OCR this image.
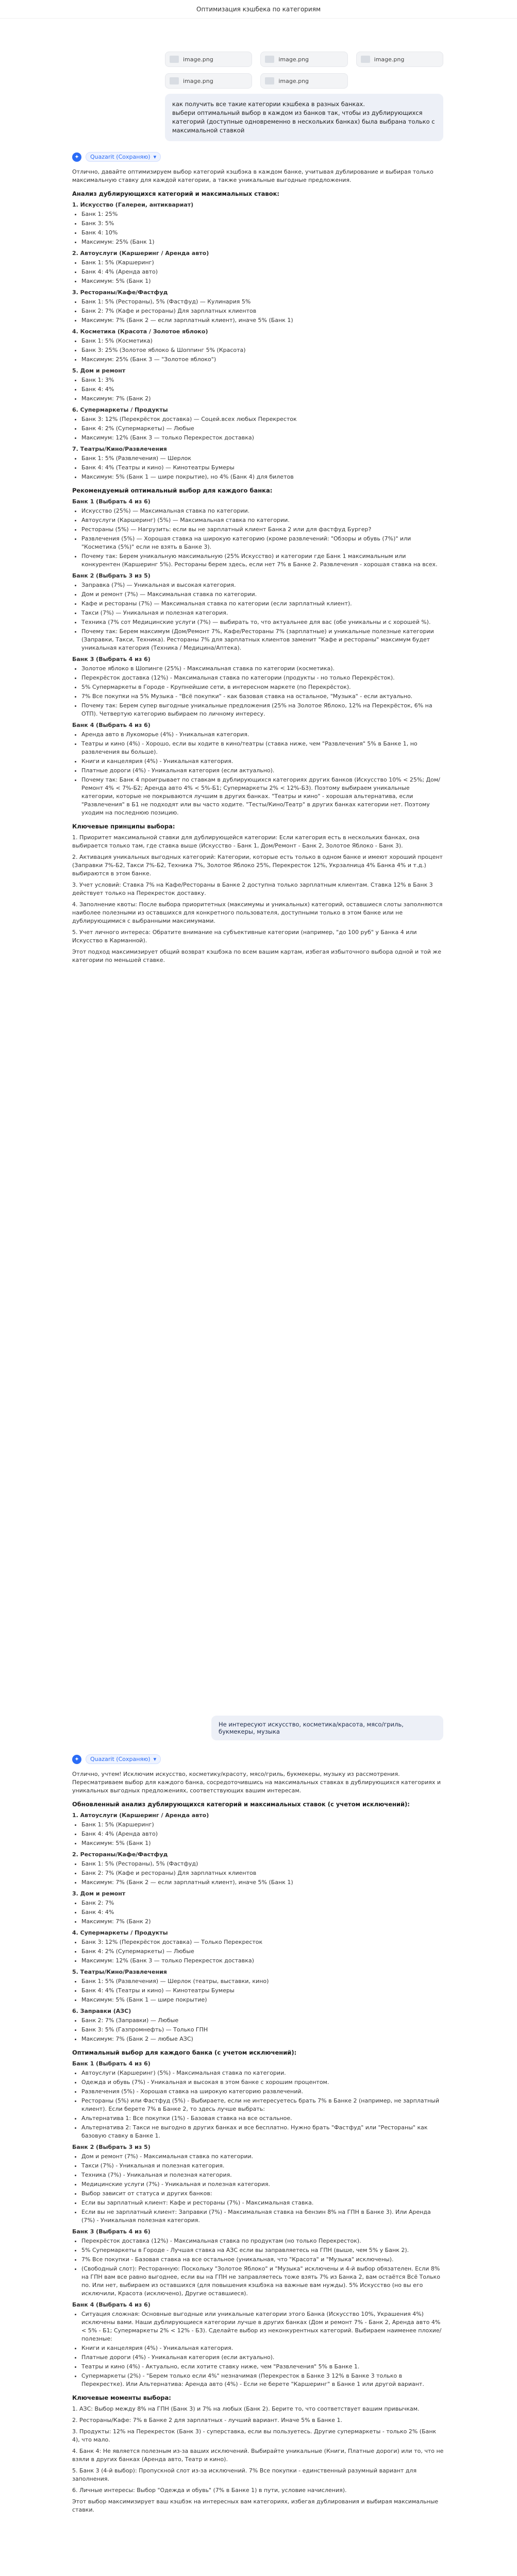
Оптимизация кэшбека по категориям
image.png	image.png	image.png
image.png	image.png
как получить все такие категории кэшбека в разных банках.
выбери оптимальный выбор в каждом из банков так, чтобы из дублирующихся категорий (доступные одновременно в нескольких банках) была выбрана только с максимальной ставкой
✦	Quazarit (Сохраняю) ▾

Отлично, давайте оптимизируем выбор категорий кэшбэка в каждом банке, учитывая дублирование и выбирая только максимальную ставку для каждой категории, а также уникальные выгодные предложения.

Анализ дублирующихся категорий и максимальных ставок:
1. Искусство (Галереи, антиквариат)
• Банк 1: 25%
• Банк 3: 5%
• Банк 4: 10%
• Максимум: 25% (Банк 1)
2. Автоуслуги (Каршеринг / Аренда авто)
• Банк 1: 5% (Каршеринг)
• Банк 4: 4% (Аренда авто)
• Максимум: 5% (Банк 1)
3. Рестораны/Кафе/Фастфуд
• Банк 1: 5% (Рестораны), 5% (Фастфуд) — Кулинария 5%
• Банк 2: 7% (Кафе и рестораны) Для зарплатных клиентов
• Максимум: 7% (Банк 2 — если зарплатный клиент), иначе 5% (Банк 1)
4. Косметика (Красота / Золотое яблоко)
• Банк 1: 5% (Косметика)
• Банк 3: 25% (Золотое яблоко & Шоппинг 5% (Красота)
• Максимум: 25% (Банк 3 — "Золотое яблоко")
5. Дом и ремонт
• Банк 1: 3%
• Банк 4: 4%
• Максимум: 7% (Банк 2)
6. Супермаркеты / Продукты
• Банк 3: 12% (Перекрёсток доставка) — Соцей.всех любых Перекресток
• Банк 4: 2% (Супермаркеты) — Любые
• Максимум: 12% (Банк 3 — только Перекресток доставка)
7. Театры/Кино/Развлечения
• Банк 1: 5% (Развлечения) — Шерлок
• Банк 4: 4% (Театры и кино) — Кинотеатры Бумеры
• Максимум: 5% (Банк 1 — шире покрытие), но 4% (Банк 4) для билетов
Рекомендуемый оптимальный выбор для каждого банка:
Банк 1 (Выбрать 4 из 6)
• Искусство (25%) — Максимальная ставка по категории.
• Автоуслуги (Каршеринг) (5%) — Максимальная ставка по категории.
• Рестораны (5%) — Нагрузить: если вы не зарплатный клиент Банка 2 или для фастфуд Бургер?
• Развлечения (5%) — Хорошая ставка на широкую категорию (кроме развлечений: "Обзоры и обувь (7%)" или "Косметика (5%)" если не взять в Банке 3).
• Почему так: Берем уникальную максимальную (25% Искусство) и категории где Банк 1 максимальным или конкурентен (Каршеринг 5%). Рестораны берем здесь, если нет 7% в Банке 2. Развлечения - хорошая ставка на всех.
Банк 2 (Выбрать 3 из 5)
• Заправка (7%) — Уникальная и высокая категория.
• Дом и ремонт (7%) — Максимальная ставка по категории.
• Кафе и рестораны (7%) — Максимальная ставка по категории (если зарплатный клиент).
• Такси (7%) — Уникальная и полезная категория.
• Техника (7% сот Медицинские услуги (7%) — выбирать то, что актуальнее для вас (обе уникальны и с хорошей %).
• Почему так: Берем максимум (Дом/Ремонт 7%, Кафе/Рестораны 7% (зарплатные) и уникальные полезные категории (Заправки, Такси, Техника). Рестораны 7% для зарплатных клиентов заменит "Кафе и рестораны" максимум будет уникальная категория (Техника / Медицина/Аптека).
Банк 3 (Выбрать 4 из 6)
• Золотое яблоко в Шопинге (25%) - Максимальная ставка по категории (косметика).
• Перекрёсток доставка (12%) - Максимальная ставка по категории (продукты - но только Перекрёсток).
• 5% Супермаркеты в Городе - Крупнейшие сети, в интересном маркете (по Перекрёсток).
• 7% Все покупки на 5% Музыка - "Всё покупки" - как базовая ставка на остальное, "Музыка" - если актуально.
• Почему так: Берем супер выгодные уникальные предложения (25% на Золотое Яблоко, 12% на Перекрёсток, 6% на ОТП). Четвертую категорию выбираем по личному интересу.
Банк 4 (Выбрать 4 из 6)
• Аренда авто в Лукоморье (4%) - Уникальная категория.
• Театры и кино (4%) - Хорошо, если вы ходите в кино/театры (ставка ниже, чем "Развлечения" 5% в Банке 1, но развлечения вы больше).
• Книги и канцелярия (4%) - Уникальная категория.
• Платные дороги (4%) - Уникальная категория (если актуально).
• Почему так: Банк 4 проигрывает по ставкам в дублирующихся категориях других банков (Искусство 10% < 25%; Дом/Ремонт 4% < 7%-Б2; Аренда авто 4% < 5%-Б1; Супермаркеты 2% < 12%-Б3). Поэтому выбираем уникальные категории, которые не покрываются лучшим в других банках. "Театры и кино" - хорошая альтернатива, если "Развлечения" в Б1 не подходят или вы часто ходите. "Тесты/Кино/Театр" в других банках категории нет. Поэтому уходим на последнюю позицию.
Ключевые принципы выбора:

1. Приоритет максимальной ставки для дублирующейся категории: Если категория есть в нескольких банках, она выбирается только там, где ставка выше (Искусство - Банк 1, Дом/Ремонт - Банк 2, Золотое Яблоко - Банк 3).

2. Активация уникальных выгодных категорий: Категории, которые есть только в одном банке и имеют хороший процент (Заправки 7%-Б2, Такси 7%-Б2, Техника 7%, Золотое Яблоко 25%, Перекресток 12%, Укрзалница 4% Банка 4% и т.д.) выбираются в этом банке.

3. Учет условий: Ставка 7% на Кафе/Рестораны в Банке 2 доступна только зарплатным клиентам. Ставка 12% в Банк 3 действует только на Перекресток доставку.

4. Заполнение квоты: После выбора приоритетных (максимумы и уникальных) категорий, оставшиеся слоты заполняются наиболее полезными из оставшихся для конкретного пользователя, доступными только в этом банке или не дублирующимися с выбранными максимумами.

5. Учет личного интереса: Обратите внимание на субъективные категории (например, "до 100 руб" у Банка 4 или Искусство в Карманной).

Этот подход максимизирует общий возврат кэшбэка по всем вашим картам, избегая избыточного выбора одной и той же категории по меньшей ставке.

Не интересуют искусство, косметика/красота, мясо/гриль, букмекеры, музыка
✦	Quazarit (Сохраняю) ▾

Отлично, учтем! Исключим искусство, косметику/красоту, мясо/гриль, букмекеры, музыку из рассмотрения. Пересматриваем выбор для каждого банка, сосредоточившись на максимальных ставках в дублирующихся категориях и уникальных выгодных предложениях, соответствующих вашим интересам.

Обновленный анализ дублирующихся категорий и максимальных ставок (с учетом исключений):
1. Автоуслуги (Каршеринг / Аренда авто)
• Банк 1: 5% (Каршеринг)
• Банк 4: 4% (Аренда авто)
• Максимум: 5% (Банк 1)
2. Рестораны/Кафе/Фастфуд
• Банк 1: 5% (Рестораны), 5% (Фастфуд)
• Банк 2: 7% (Кафе и рестораны) Для зарплатных клиентов
• Максимум: 7% (Банк 2 — если зарплатный клиент), иначе 5% (Банк 1)
3. Дом и ремонт
• Банк 2: 7%
• Банк 4: 4%
• Максимум: 7% (Банк 2)
4. Супермаркеты / Продукты
• Банк 3: 12% (Перекрёсток доставка) — Только Перекресток
• Банк 4: 2% (Супермаркеты) — Любые
• Максимум: 12% (Банк 3 — только Перекресток доставка)
5. Театры/Кино/Развлечения
• Банк 1: 5% (Развлечения) — Шерлок (театры, выставки, кино)
• Банк 4: 4% (Театры и кино) — Кинотеатры Бумеры
• Максимум: 5% (Банк 1 — шире покрытие)
6. Заправки (АЗС)
• Банк 2: 7% (Заправки) — Любые
• Банк 3: 5% (Газпромнефть) — Только ГПН
• Максимум: 7% (Банк 2 — любые АЗС)
Оптимальный выбор для каждого банка (с учетом исключений):
Банк 1 (Выбрать 4 из 6)
• Автоуслуги (Каршеринг) (5%) - Максимальная ставка по категории.
• Одежда и обувь (7%) - Уникальная и высокая в этом банке с хорошим процентом.
• Развлечения (5%) - Хорошая ставка на широкую категорию развлечений.
• Рестораны (5%) или Фастфуд (5%) - Выбираете, если не интересуетесь брать 7% в Банке 2 (например, не зарплатный клиент). Если берете 7% в Банке 2, то здесь лучше выбрать:
• Альтернатива 1: Все покупки (1%) - Базовая ставка на все остальное.
• Альтернатива 2: Такси не выгодно в других банках и все бесплатно. Нужно брать "Фастфуд" или "Рестораны" как базовую ставку в Банке 1.
Банк 2 (Выбрать 3 из 5)
• Дом и ремонт (7%) - Максимальная ставка по категории.
• Такси (7%) - Уникальная и полезная категория.
• Техника (7%) - Уникальная и полезная категория.
• Медицинские услуги (7%) - Уникальная и полезная категория.
• Выбор зависит от статуса и других банков:
• Если вы зарплатный клиент: Кафе и рестораны (7%) - Максимальная ставка.
• Если вы не зарплатный клиент: Заправки (7%) - Максимальная ставка на бензин 8% на ГПН в Банке 3). Или Аренда (7%) - Уникальная полезная категория.
Банк 3 (Выбрать 4 из 6)
• Перекрёсток доставка (12%) - Максимальная ставка по продуктам (но только Перекресток).
• 5% Супермаркеты в Городе - Лучшая ставка на АЗС если вы заправляетесь на ГПН (выше, чем 5% у Банк 2).
• 7% Все покупки - Базовая ставка на все остальное (уникальная, что "Красота" и "Музыка" исключены).
• (Свободный слот): Ресторанную: Поскольку "Золотое Яблоко" и "Музыка" исключены и 4-й выбор обязателен. Если 8% на ГПН вам все равно выгоднее, если вы на ГПН не заправляетесь тоже взять 7% из Банка 2, вам остаётся Всё Только по. Или нет, выбираем из оставшихся (для повышения кэшбэка на важные вам нужды). 5% Искусство (но вы его исключили, Красота (исключено), Другие оставшиеся).
Банк 4 (Выбрать 4 из 6)
• Ситуация сложная: Основные выгодные или уникальные категории этого Банка (Искусство 10%, Украшения 4%) исключены вами. Наши дублирующиеся категории лучше в других банках (Дом и ремонт 7% - Банк 2, Аренда авто 4% < 5% - Б1; Супермаркеты 2% < 12% - Б3). Сделайте выбор из неконкурентных категорий. Выбираем наименее плохие/полезные:
• Книги и канцелярия (4%) - Уникальная категория.
• Платные дороги (4%) - Уникальная категория (если актуально).
• Театры и кино (4%) - Актуально, если хотите ставку ниже, чем "Развлечения" 5% в Банке 1.
• Супермаркеты (2%) - "Берем только если 4%" незначимая (Перекресток в Банке 3 12% в Банке 3 только в Перекрестке). Или Альтернатива: Аренда авто (4%) - Если не берете "Каршеринг" в Банке 1 или другой вариант.
Ключевые моменты выбора:

1. АЗС: Выбор между 8% на ГПН (Банк 3) и 7% на любых (Банк 2). Берите то, что соответствует вашим привычкам.

2. Рестораны/Кафе: 7% в Банке 2 для зарплатных - лучший вариант. Иначе 5% в Банке 1.

3. Продукты: 12% на Перекресток (Банк 3) - суперставка, если вы пользуетесь. Другие супермаркеты - только 2% (Банк 4), что мало.

4. Банк 4: Не является полезным из-за ваших исключений. Выбирайте уникальные (Книги, Платные дороги) или то, что не взяли в других банках (Аренда авто, Театр и кино).

5. Банк 3 (4-й выбор): Пропускной слот из-за исключений. 7% Все покупки - единственный разумный вариант для заполнения.

6. Личные интересы: Выбор "Одежда и обувь" (7% в Банке 1) в пути, условие начисления).

Этот выбор максимизирует ваш кэшбэк на интересных вам категориях, избегая дублирования и выбирая максимальные ставки.
